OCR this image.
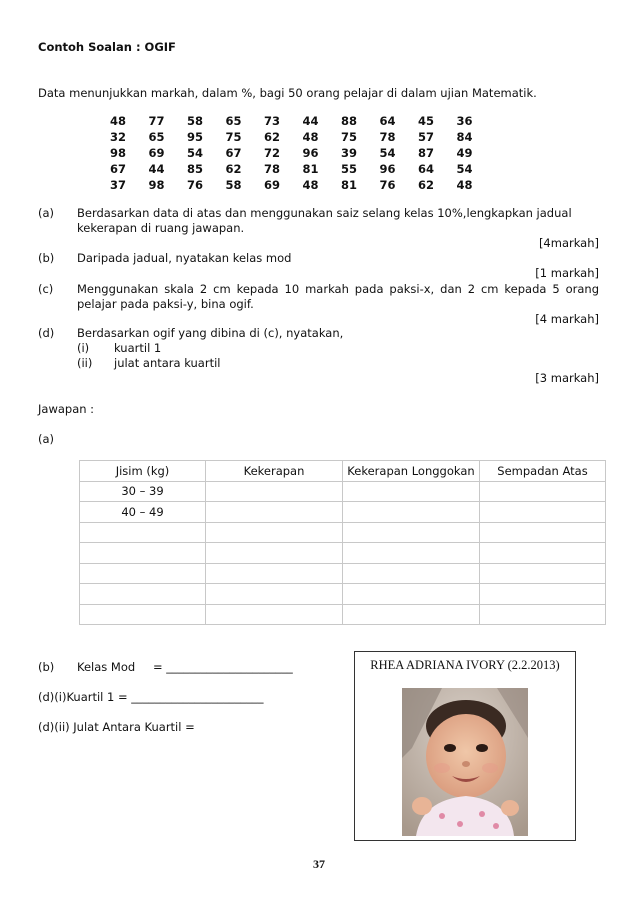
Contoh Soalan : OGIF
Data menunjukkan markah, dalam %, bagi 50 orang pelajar di dalam ujian Matematik.
48	77	58	65	73	44	88	64	45	36
32	65	95	75	62	48	75	78	57	84
98	69	54	67	72	96	39	54	87	49
67	44	85	62	78	81	55	96	64	54
37	98	76	58	69	48	81	76	62	48
(a) Berdasarkan data di atas dan menggunakan saiz selang kelas 10%,lengkapkan jadual kekerapan di ruang jawapan.
[4markah]
(b) Daripada jadual, nyatakan kelas mod
[1 markah]
(c) Menggunakan skala 2 cm kepada 10 markah pada paksi-x, dan 2 cm kepada 5 orang pelajar pada paksi-y, bina ogif.
[4 markah]
(d) Berdasarkan ogif yang dibina di (c), nyatakan,
(i) kuartil 1
(ii) julat antara kuartil
[3 markah]
Jawapan :
(a)
Jisim (kg)	Kekerapan	Kekerapan Longgokan	Sempadan Atas
30 – 39			
40 – 49			

(b) Kelas Mod = ______________________
(d)(i)Kuartil 1 = _______________________
(d)(ii) Julat Antara Kuartil =
RHEA ADRIANA IVORY (2.2.2013)
37
